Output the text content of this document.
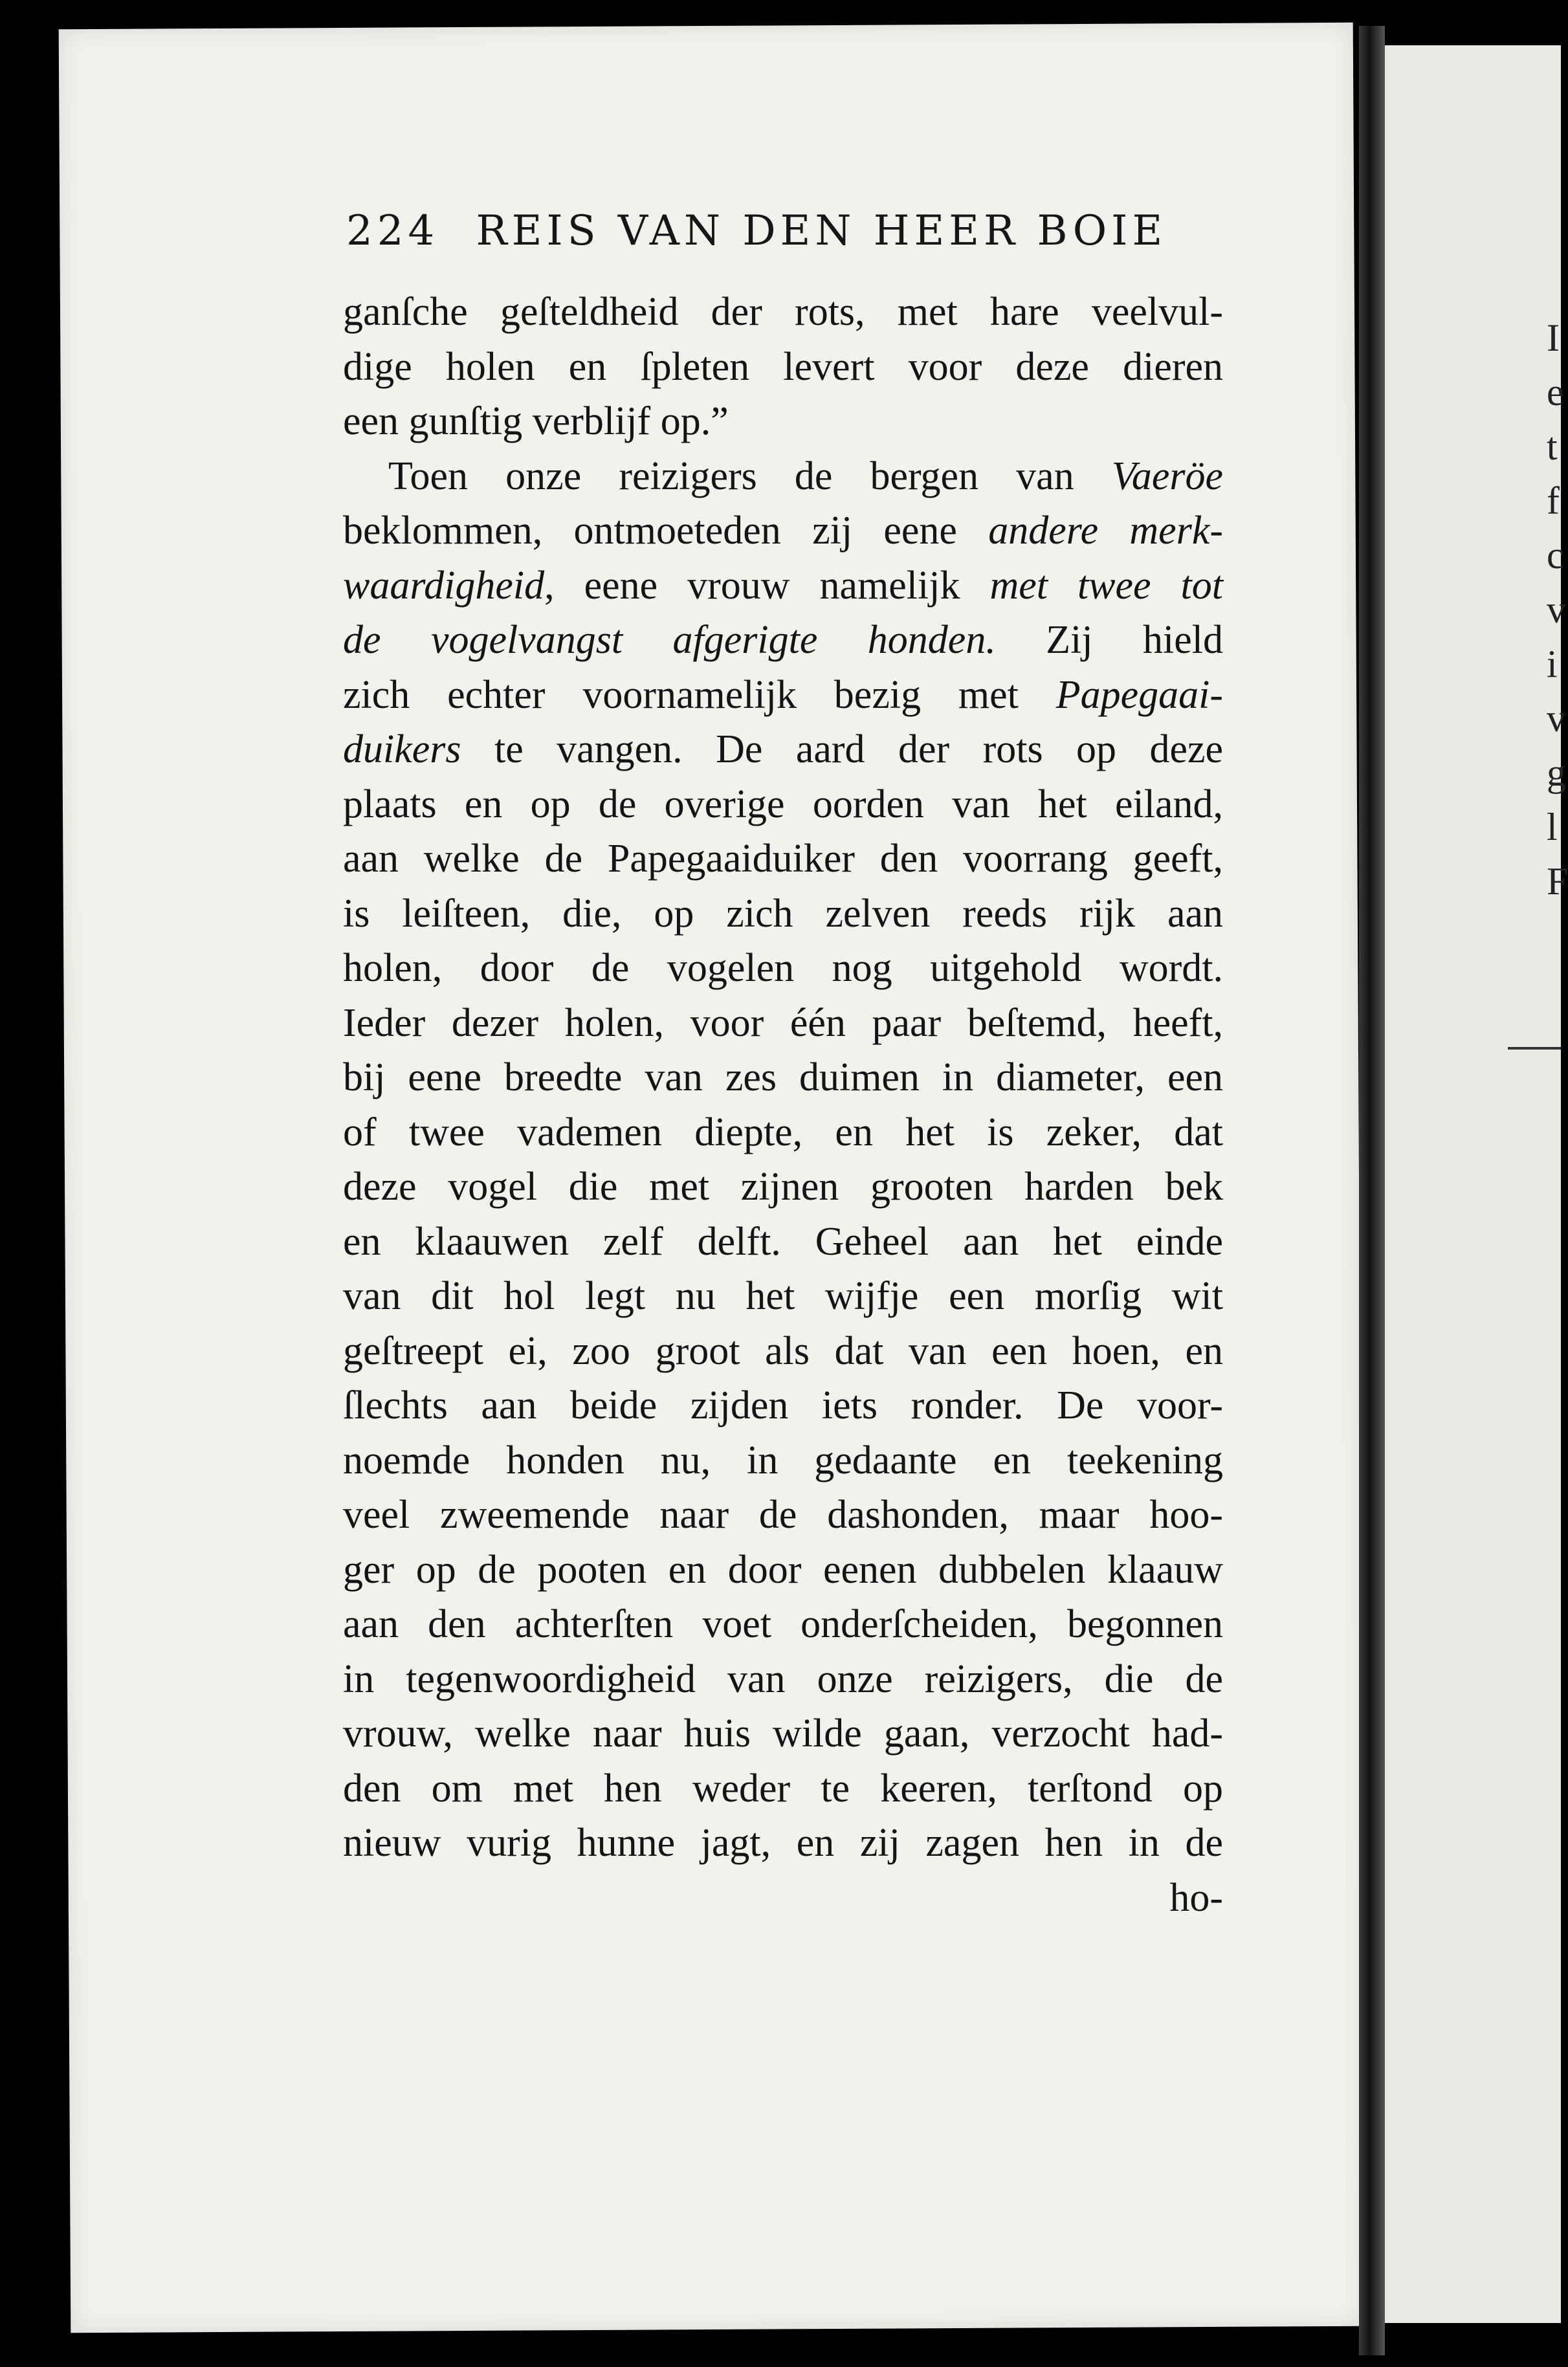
224 REIS VAN DEN HEER BOIE
ganſche geſteldheid der rots, met hare veelvul-
dige holen en ſpleten levert voor deze dieren
een gunſtig verblijf op.”
Toen onze reizigers de bergen van Vaeröe
beklommen, ontmoeteden zij eene andere merk-
waardigheid, eene vrouw namelijk met twee tot
de vogelvangst afgerigte honden. Zij hield
zich echter voornamelijk bezig met Papegaai-
duikers te vangen. De aard der rots op deze
plaats en op de overige oorden van het eiland,
aan welke de Papegaaiduiker den voorrang geeft,
is leiſteen, die, op zich zelven reeds rijk aan
holen, door de vogelen nog uitgehold wordt.
Ieder dezer holen, voor één paar beſtemd, heeft,
bij eene breedte van zes duimen in diameter, een
of twee vademen diepte, en het is zeker, dat
deze vogel die met zijnen grooten harden bek
en klaauwen zelf delft. Geheel aan het einde
van dit hol legt nu het wijfje een morſig wit
geſtreept ei, zoo groot als dat van een hoen, en
ſlechts aan beide zijden iets ronder. De voor-
noemde honden nu, in gedaante en teekening
veel zweemende naar de dashonden, maar hoo-
ger op de pooten en door eenen dubbelen klaauw
aan den achterſten voet onderſcheiden, begonnen
in tegenwoordigheid van onze reizigers, die de
vrouw, welke naar huis wilde gaan, verzocht had-
den om met hen weder te keeren, terſtond op
nieuw vurig hunne jagt, en zij zagen hen in de
ho-
I
e
t
f
c
v
i
v
g
l
F
